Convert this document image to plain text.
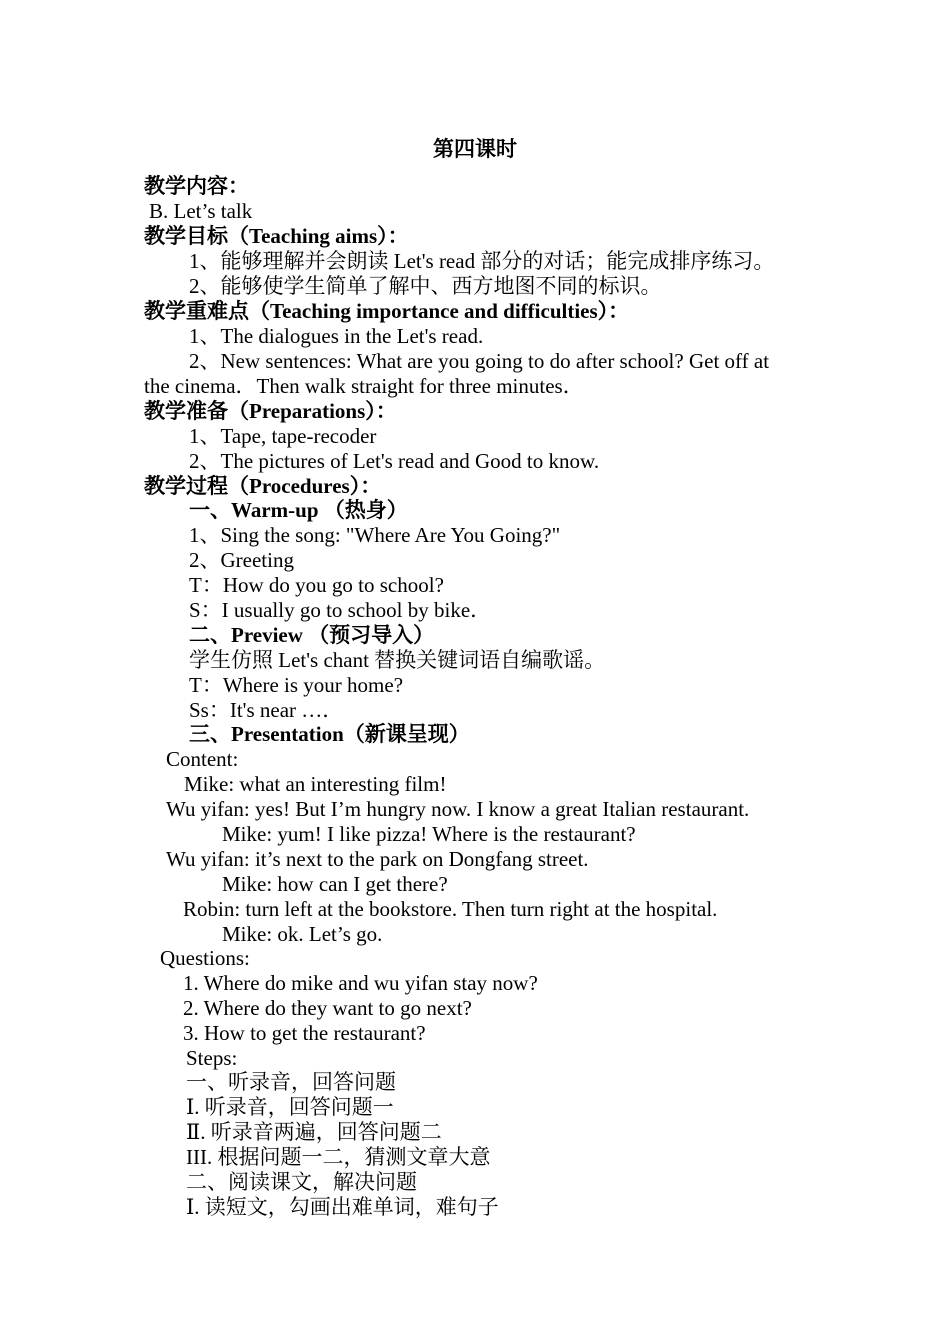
第四课时
教学内容：
B. Let’s talk
教学目标（Teaching aims）：
1、能够理解并会朗读 Let's read 部分的对话；能完成排序练习。
2、能够使学生简单了解中、西方地图不同的标识。
教学重难点（Teaching importance and difficulties）：
1、The dialogues in the Let's read.
2、New sentences: What are you going to do after school? Get off at
the cinema．Then walk straight for three minutes．
教学准备（Preparations）：
1、Tape, tape-recoder
2、The pictures of Let's read and Good to know.
教学过程（Procedures）：
一、Warm-up （热身）
1、Sing the song: "Where Are You Going?"
2、Greeting
T：How do you go to school?
S：I usually go to school by bike．
二、Preview （预习导入）
学生仿照 Let's chant 替换关键词语自编歌谣。
T：Where is your home?
Ss：It's near …．
三、Presentation（新课呈现）
Content:
Mike: what an interesting film!
Wu yifan: yes! But I’m hungry now. I know a great Italian restaurant.
Mike: yum! I like pizza! Where is the restaurant?
Wu yifan: it’s next to the park on Dongfang street.
Mike: how can I get there?
Robin: turn left at the bookstore. Then turn right at the hospital.
Mike: ok. Let’s go.
Questions:
1. Where do mike and wu yifan stay now?
2. Where do they want to go next?
3. How to get the restaurant?
Steps:
一、听录音，回答问题
Ⅰ. 听录音，回答问题一
Ⅱ. 听录音两遍，回答问题二
III. 根据问题一二，猜测文章大意
二、阅读课文，解决问题
Ⅰ. 读短文，勾画出难单词，难句子
